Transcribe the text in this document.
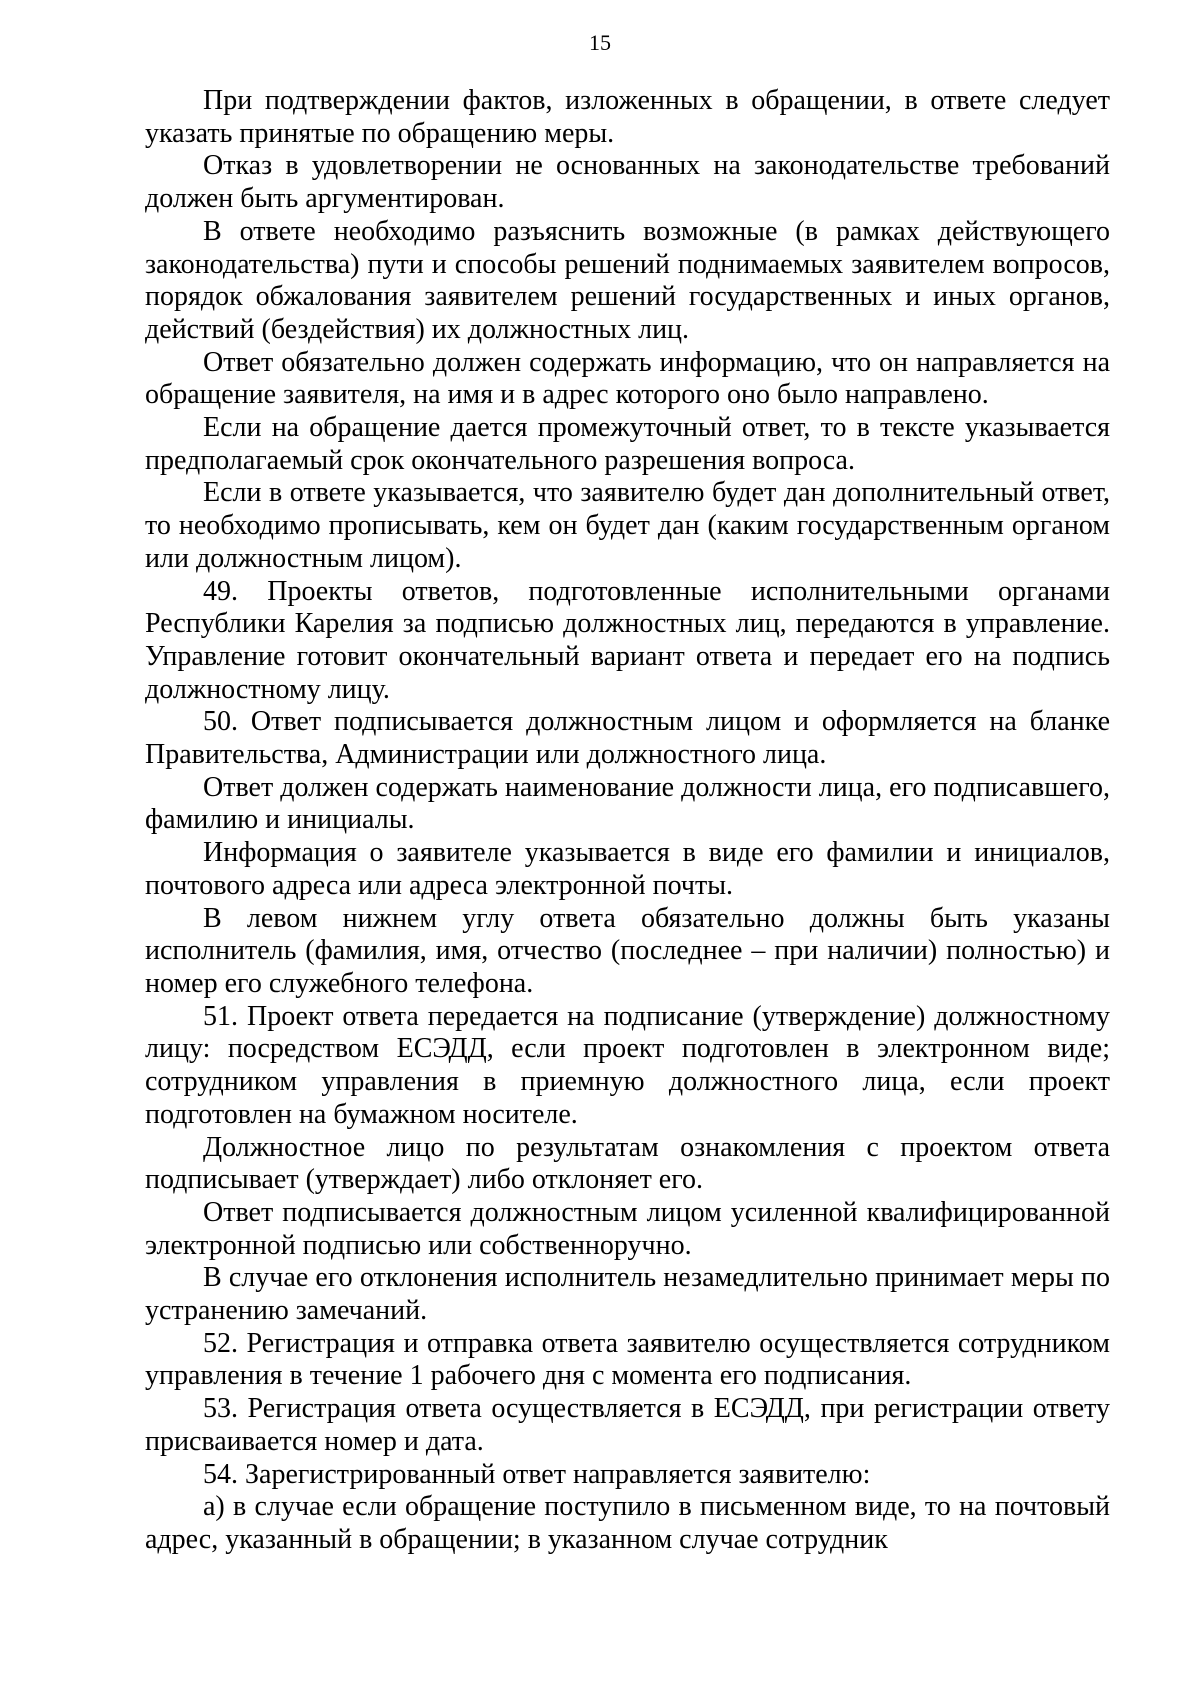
15

При подтверждении фактов, изложенных в обращении, в ответе следует указать принятые по обращению меры.

Отказ в удовлетворении не основанных на законодательстве требований должен быть аргументирован.

В ответе необходимо разъяснить возможные (в рамках действующего законодательства) пути и способы решений поднимаемых заявителем вопросов, порядок обжалования заявителем решений государственных и иных органов, действий (бездействия) их должностных лиц.

Ответ обязательно должен содержать информацию, что он направляется на обращение заявителя, на имя и в адрес которого оно было направлено.

Если на обращение дается промежуточный ответ, то в тексте указывается предполагаемый срок окончательного разрешения вопроса.

Если в ответе указывается, что заявителю будет дан дополнительный ответ, то необходимо прописывать, кем он будет дан (каким государственным органом или должностным лицом).

49. Проекты ответов, подготовленные исполнительными органами Республики Карелия за подписью должностных лиц, передаются в управление. Управление готовит окончательный вариант ответа и передает его на подпись должностному лицу.

50. Ответ подписывается должностным лицом и оформляется на бланке Правительства, Администрации или должностного лица.

Ответ должен содержать наименование должности лица, его подписавшего, фамилию и инициалы.

Информация о заявителе указывается в виде его фамилии и инициалов, почтового адреса или адреса электронной почты.

В левом нижнем углу ответа обязательно должны быть указаны исполнитель (фамилия, имя, отчество (последнее – при наличии) полностью) и номер его служебного телефона.

51. Проект ответа передается на подписание (утверждение) должностному лицу: посредством ЕСЭДД, если проект подготовлен в электронном виде; сотрудником управления в приемную должностного лица, если проект подготовлен на бумажном носителе.

Должностное лицо по результатам ознакомления с проектом ответа подписывает (утверждает) либо отклоняет его.

Ответ подписывается должностным лицом усиленной квалифицированной электронной подписью или собственноручно.

В случае его отклонения исполнитель незамедлительно принимает меры по устранению замечаний.

52. Регистрация и отправка ответа заявителю осуществляется сотрудником управления в течение 1 рабочего дня с момента его подписания.

53. Регистрация ответа осуществляется в ЕСЭДД, при регистрации ответу присваивается номер и дата.

54. Зарегистрированный ответ направляется заявителю:

а) в случае если обращение поступило в письменном виде, то на почтовый адрес, указанный в обращении; в указанном случае сотрудник
